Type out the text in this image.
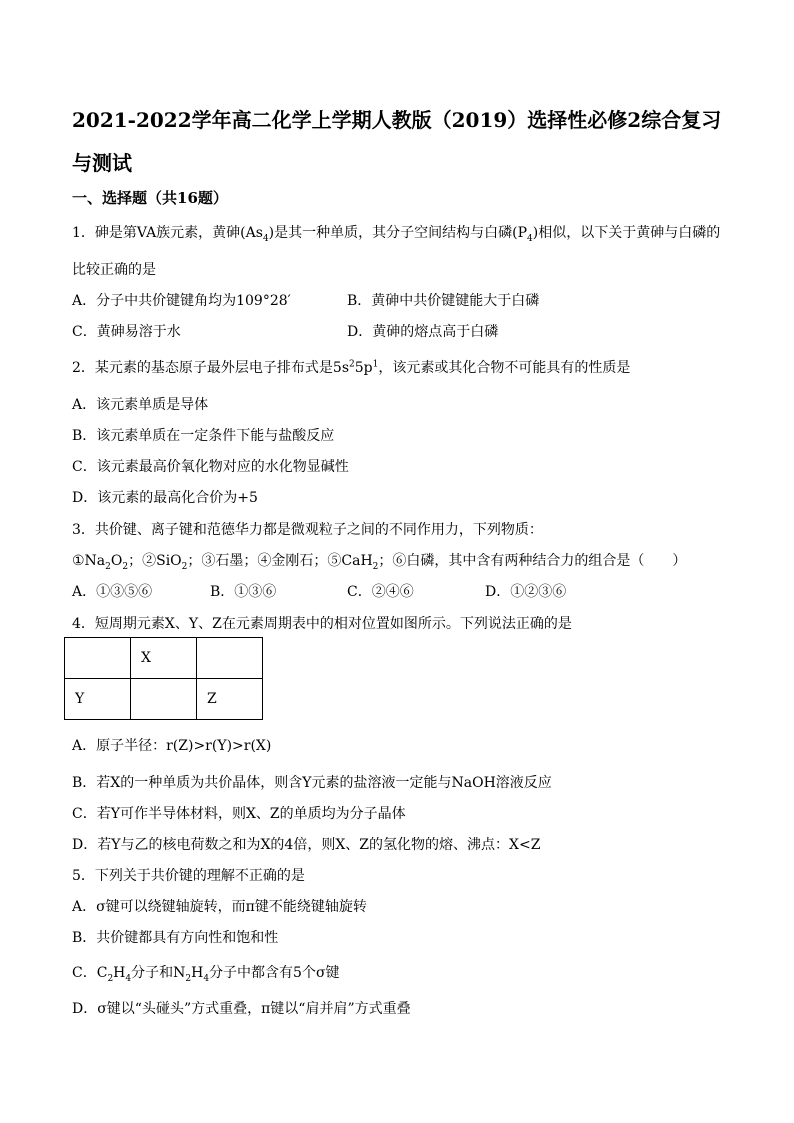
2021-2022学年高二化学上学期人教版（2019）选择性必修2综合复习
与测试
一、选择题（共16题）
1．砷是第VA族元素，黄砷$(As_4)$是其一种单质，其分子空间结构与白磷$(P_4)$相似，以下关于黄砷与白磷的
比较正确的是
A．分子中共价键键角均为109°28′	B．黄砷中共价键键能大于白磷
C．黄砷易溶于水	D．黄砷的熔点高于白磷
2．某元素的基态原子最外层电子排布式是$5s^25p^1$，该元素或其化合物不可能具有的性质是
A．该元素单质是导体
B．该元素单质在一定条件下能与盐酸反应
C．该元素最高价氧化物对应的水化物显碱性
D．该元素的最高化合价为+5
3．共价键、离子键和范德华力都是微观粒子之间的不同作用力，下列物质：
$①Na_2O_2$；②SiO$_2$；③石墨；④金刚石；⑤CaH$_2$；⑥白磷，其中含有两种结合力的组合是（　　）
A．①③⑤⑥	B．①③⑥	C．②④⑥	D．①②③⑥
4．短周期元素X、Y、Z在元素周期表中的相对位置如图所示。下列说法正确的是
	X	
Y		Z
A．原子半径：r(Z)>r(Y)>r(X)
B．若X的一种单质为共价晶体，则含Y元素的盐溶液一定能与NaOH溶液反应
C．若Y可作半导体材料，则X、Z的单质均为分子晶体
D．若Y与乙的核电荷数之和为X的4倍，则X、Z的氢化物的熔、沸点：X<Z
5．下列关于共价键的理解不正确的是
A．σ键可以绕键轴旋转，而π键不能绕键轴旋转
B．共价键都具有方向性和饱和性
C．$C_2H_4$分子和$N_2H_4$分子中都含有5个σ键
D．σ键以“头碰头”方式重叠，π键以“肩并肩”方式重叠
